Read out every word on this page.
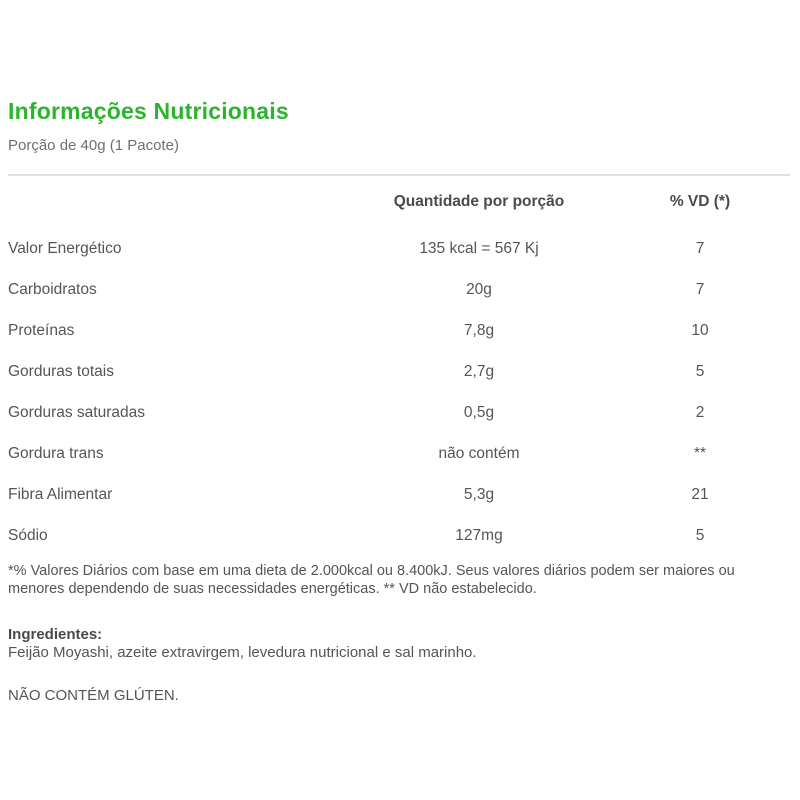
Informações Nutricionais

Porção de 40g (1 Pacote)

	Quantidade por porção	% VD (*)
Valor Energético	135 kcal = 567 Kj	7
Carboidratos	20g	7
Proteínas	7,8g	10
Gorduras totais	2,7g	5
Gorduras saturadas	0,5g	2
Gordura trans	não contém	**
Fibra Alimentar	5,3g	21
Sódio	127mg	5

*% Valores Diários com base em uma dieta de 2.000kcal ou 8.400kJ. Seus valores diários podem ser maiores ou menores dependendo de suas necessidades energéticas. ** VD não estabelecido.

Ingredientes:

Feijão Moyashi, azeite extravirgem, levedura nutricional e sal marinho.

NÃO CONTÉM GLÚTEN.
